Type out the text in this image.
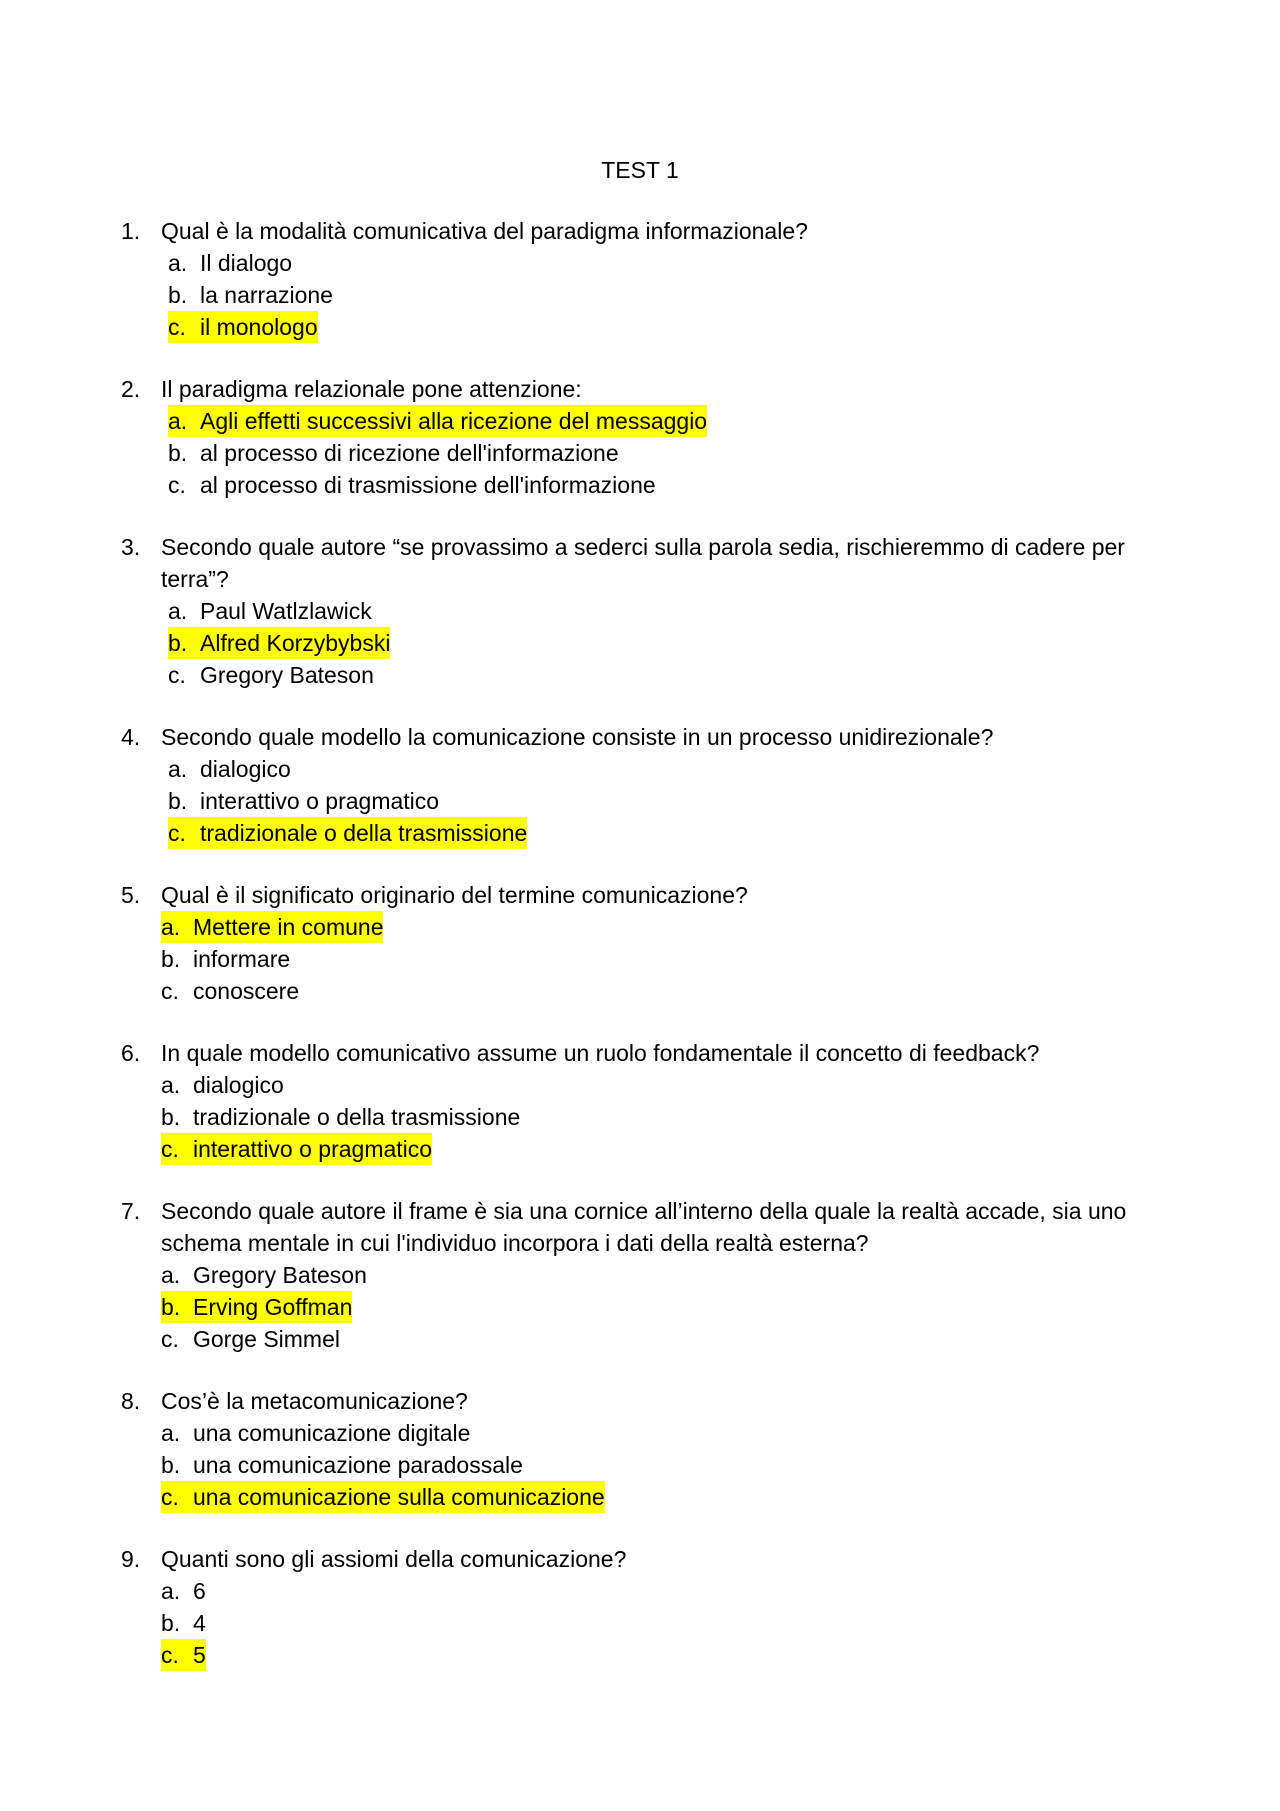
TEST 1
1. Qual è la modalità comunicativa del paradigma informazionale?
a. Il dialogo
b. la narrazione
c. il monologo
2. Il paradigma relazionale pone attenzione:
a. Agli effetti successivi alla ricezione del messaggio
b. al processo di ricezione dell'informazione
c. al processo di trasmissione dell'informazione
3. Secondo quale autore “se provassimo a sederci sulla parola sedia, rischieremmo di cadere per terra”?
a. Paul Watlzlawick
b. Alfred Korzybybski
c. Gregory Bateson
4. Secondo quale modello la comunicazione consiste in un processo unidirezionale?
a. dialogico
b. interattivo o pragmatico
c. tradizionale o della trasmissione
5. Qual è il significato originario del termine comunicazione?
a. Mettere in comune
b. informare
c. conoscere
6. In quale modello comunicativo assume un ruolo fondamentale il concetto di feedback?
a. dialogico
b. tradizionale o della trasmissione
c. interattivo o pragmatico
7. Secondo quale autore il frame è sia una cornice all’interno della quale la realtà accade, sia uno schema mentale in cui l'individuo incorpora i dati della realtà esterna?
a. Gregory Bateson
b. Erving Goffman
c. Gorge Simmel
8. Cos’è la metacomunicazione?
a. una comunicazione digitale
b. una comunicazione paradossale
c. una comunicazione sulla comunicazione
9. Quanti sono gli assiomi della comunicazione?
a. 6
b. 4
c. 5
